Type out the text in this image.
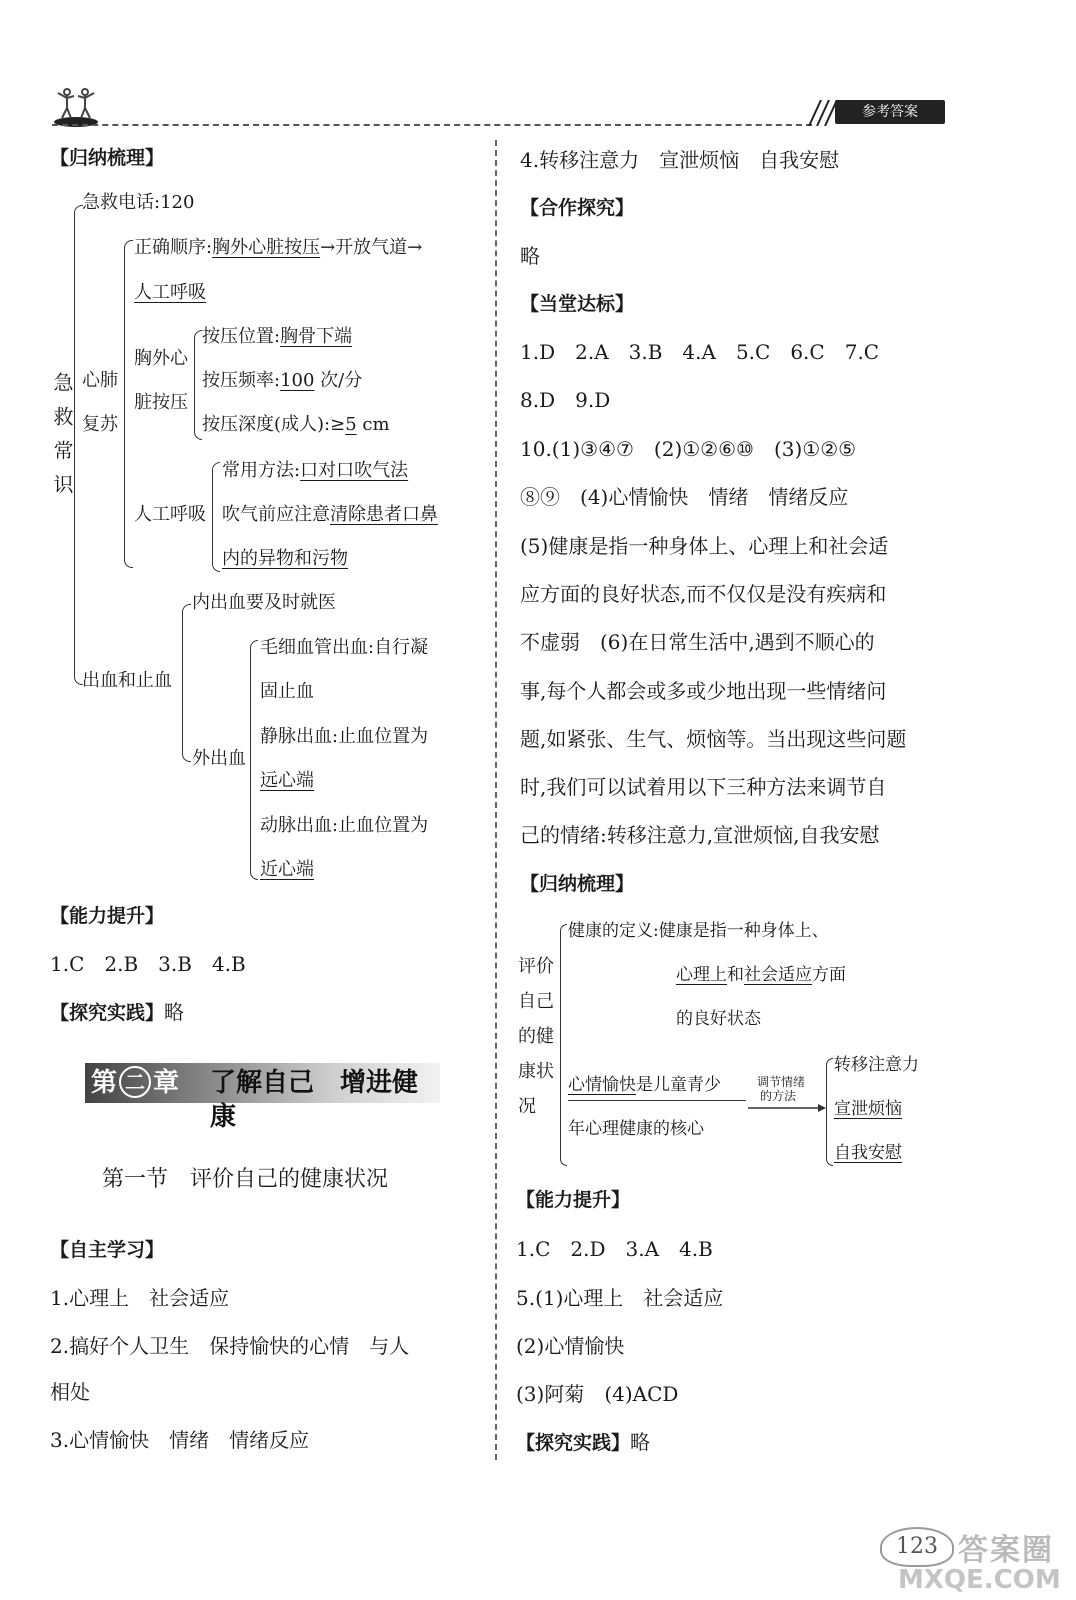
参考答案
【归纳梳理】
急救常识
急救电话:120
心肺
复苏
正确顺序:胸外心脏按压→开放气道→
人工呼吸
胸外心
脏按压
按压位置:胸骨下端
按压频率:100 次/分
按压深度(成人):≥5 cm
人工呼吸
常用方法:口对口吹气法
吹气前应注意清除患者口鼻
内的异物和污物
出血和止血
内出血要及时就医
外出血
毛细血管出血:自行凝
固止血
静脉出血:止血位置为
远心端
动脉出血:止血位置为
近心端
【能力提升】
1.C　2.B　3.B　4.B
【探究实践】略
第 二 章 了解自己　增进健康
第一节　评价自己的健康状况
【自主学习】
1.心理上　社会适应
2.搞好个人卫生　保持愉快的心情　与人
相处
3.心情愉快　情绪　情绪反应
4.转移注意力　宣泄烦恼　自我安慰
【合作探究】
略
【当堂达标】
1.D　2.A　3.B　4.A　5.C　6.C　7.C
8.D　9.D
10.(1)③④⑦　(2)①②⑥⑩　(3)①②⑤
⑧⑨　(4)心情愉快　情绪　情绪反应
(5)健康是指一种身体上、心理上和社会适
应方面的良好状态,而不仅仅是没有疾病和
不虚弱　(6)在日常生活中,遇到不顺心的
事,每个人都会或多或少地出现一些情绪问
题,如紧张、生气、烦恼等。当出现这些问题
时,我们可以试着用以下三种方法来调节自
己的情绪:转移注意力,宣泄烦恼,自我安慰
【归纳梳理】
评价
自己
的健
康状
况
健康的定义:健康是指一种身体上、
心理上和社会适应方面
的良好状态
心情愉快是儿童青少
年心理健康的核心
调节情绪
的方法
转移注意力
宣泄烦恼
自我安慰
【能力提升】
1.C　2.D　3.A　4.B
5.(1)心理上　社会适应
(2)心情愉快
(3)阿菊　(4)ACD
【探究实践】略
123 答案圈
MXQE.COM
